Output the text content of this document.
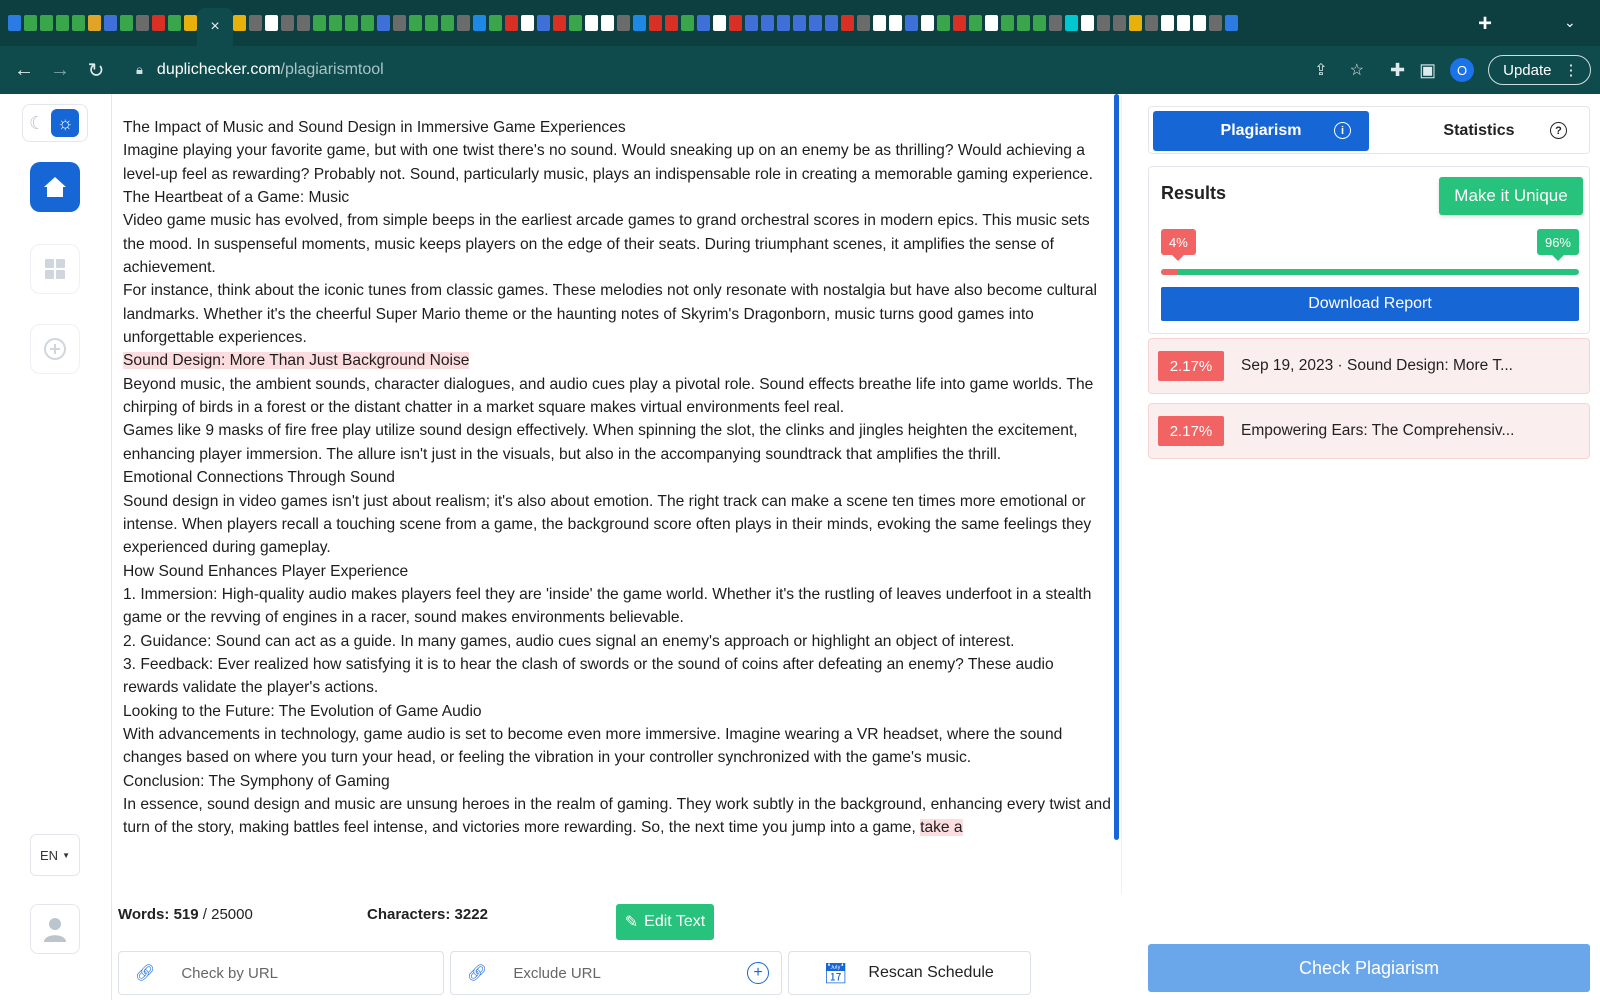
×	+	⌄
← → ↻	🔒︎ duplichecker.com /plagiarismtool	⇪ ☆ ✚ ▣	O	Update ⋮
☾ ☼
EN ▼

The Impact of Music and Sound Design in Immersive Game Experiences

Imagine playing your favorite game, but with one twist there's no sound. Would sneaking up on an enemy be as thrilling? Would achieving a level-up feel as rewarding? Probably not. Sound, particularly music, plays an indispensable role in creating a memorable gaming experience.

The Heartbeat of a Game: Music

Video game music has evolved, from simple beeps in the earliest arcade games to grand orchestral scores in modern epics. This music sets the mood. In suspenseful moments, music keeps players on the edge of their seats. During triumphant scenes, it amplifies the sense of achievement.

For instance, think about the iconic tunes from classic games. These melodies not only resonate with nostalgia but have also become cultural landmarks. Whether it's the cheerful Super Mario theme or the haunting notes of Skyrim's Dragonborn, music turns good games into unforgettable experiences.

Sound Design: More Than Just Background Noise

Beyond music, the ambient sounds, character dialogues, and audio cues play a pivotal role. Sound effects breathe life into game worlds. The chirping of birds in a forest or the distant chatter in a market square makes virtual environments feel real.

Games like 9 masks of fire free play utilize sound design effectively. When spinning the slot, the clinks and jingles heighten the excitement, enhancing player immersion. The allure isn't just in the visuals, but also in the accompanying soundtrack that amplifies the thrill.

Emotional Connections Through Sound

Sound design in video games isn't just about realism; it's also about emotion. The right track can make a scene ten times more emotional or intense. When players recall a touching scene from a game, the background score often plays in their minds, evoking the same feelings they experienced during gameplay.

How Sound Enhances Player Experience

1. Immersion: High-quality audio makes players feel they are 'inside' the game world. Whether it's the rustling of leaves underfoot in a stealth game or the revving of engines in a racer, sound makes environments believable.

2. Guidance: Sound can act as a guide. In many games, audio cues signal an enemy's approach or highlight an object of interest.

3. Feedback: Ever realized how satisfying it is to hear the clash of swords or the sound of coins after defeating an enemy? These audio rewards validate the player's actions.

Looking to the Future: The Evolution of Game Audio

With advancements in technology, game audio is set to become even more immersive. Imagine wearing a VR headset, where the sound changes based on where you turn your head, or feeling the vibration in your controller synchronized with the game's music.

Conclusion: The Symphony of Gaming

In essence, sound design and music are unsung heroes in the realm of gaming. They work subtly in the background, enhancing every twist and turn of the story, making battles feel intense, and victories more rewarding. So, the next time you jump into a game, take a

Words: 519 / 25000	Characters: 3222	✎ Edit Text
🔗︎ Check by URL	🔗︎ Exclude URL	+	📅︎ Rescan Schedule
Plagiarism	i	Statistics	?
Results	Make it Unique
4%	96%
Download Report
2.17%	Sep 19, 2023 · Sound Design: More T...
2.17%	Empowering Ears: The Comprehensiv...
Check Plagiarism
